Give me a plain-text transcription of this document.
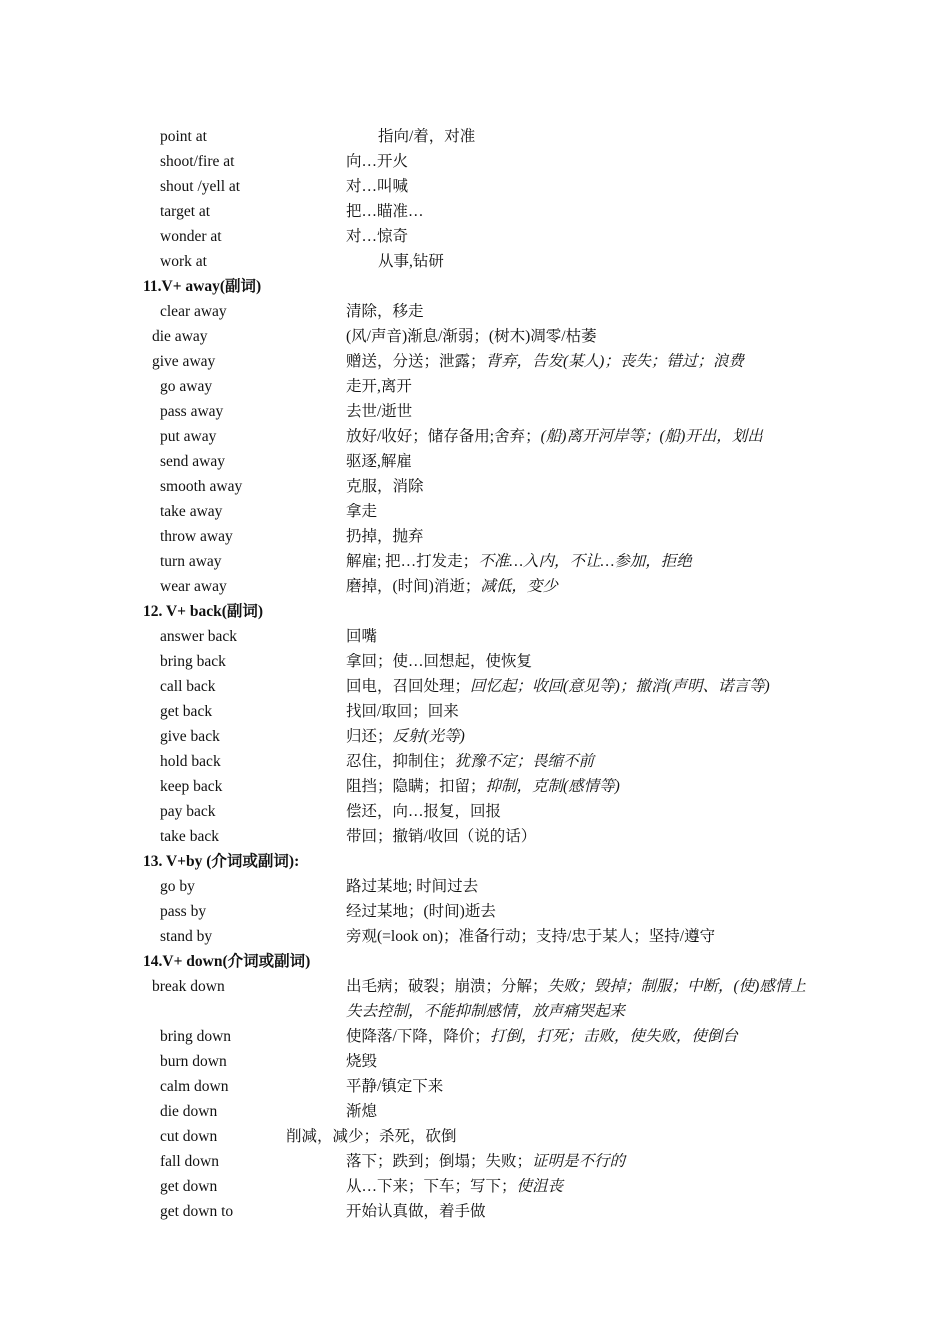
point at	指向/着，对准
shoot/fire at	向…开火
shout /yell at	对…叫喊
target at	把…瞄准…
wonder at	对…惊奇
work at	从事,钻研
11.V+ away(副词)
clear away	清除，移走
die away	(风/声音)渐息/渐弱；(树木)凋零/枯萎
give away	赠送，分送；泄露；背弃，告发(某人)；丧失；错过；浪费
go away	走开,离开
pass away	去世/逝世
put away	放好/收好；储存备用;舍弃；(船)离开河岸等；(船)开出，划出
send away	驱逐,解雇
smooth away	克服，消除
take away	拿走
throw away	扔掉，抛弃
turn away	解雇; 把…打发走；不准…入内，不让…参加，拒绝
wear away	磨掉，(时间)消逝；减低，变少
12. V+ back(副词)
answer back	回嘴
bring back	拿回；使…回想起，使恢复
call back	回电，召回处理；回忆起；收回(意见等)；撤消(声明、诺言等)
get back	找回/取回；回来
give back	归还；反射(光等)
hold back	忍住，抑制住；犹豫不定；畏缩不前
keep back	阻挡；隐瞒；扣留；抑制，克制(感情等)
pay back	偿还，向…报复，回报
take back	带回；撤销/收回（说的话）
13. V+by (介词或副词):
go by	路过某地; 时间过去
pass by	经过某地；(时间)逝去
stand by	旁观(=look on)；准备行动；支持/忠于某人；坚持/遵守
14.V+ down(介词或副词)
break down	出毛病；破裂；崩溃；分解；失败；毁掉；制服；中断，(使)感情上失去控制，不能抑制感情，放声痛哭起来
bring down	使降落/下降，降价；打倒，打死；击败，使失败，使倒台
burn down	烧毁
calm down	平静/镇定下来
die down	渐熄
cut down	削减，减少；杀死，砍倒
fall down	落下；跌到；倒塌；失败；证明是不行的
get down	从…下来；下车；写下；使沮丧
get down to	开始认真做，着手做
